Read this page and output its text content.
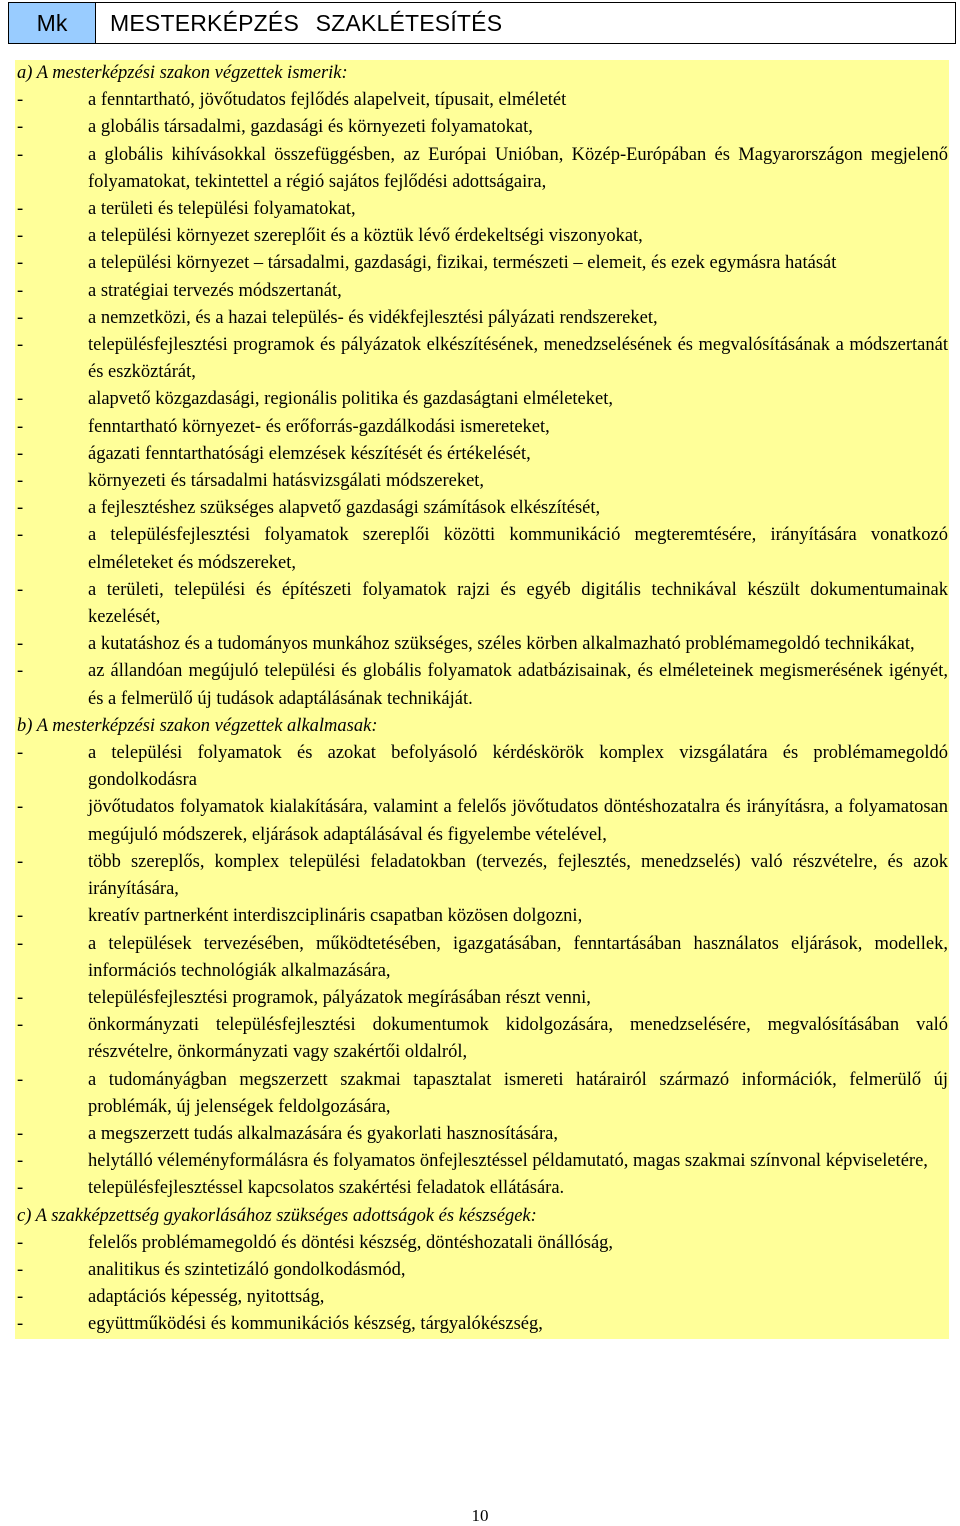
Mk	MESTERKÉPZÉS SZAKLÉTESÍTÉS

a) A mesterképzési szakon végzettek ismerik:

-	a fenntartható, jövőtudatos fejlődés alapelveit, típusait, elméletét
-	a globális társadalmi, gazdasági és környezeti folyamatokat,
-	a globális kihívásokkal összefüggésben, az Európai Unióban, Közép-Európában és Magyarországon megjelenő folyamatokat, tekintettel a régió sajátos fejlődési adottságaira,
-	a területi és települési folyamatokat,
-	a települési környezet szereplőit és a köztük lévő érdekeltségi viszonyokat,
-	a települési környezet – társadalmi, gazdasági, fizikai, természeti – elemeit, és ezek egymásra hatását
-	a stratégiai tervezés módszertanát,
-	a nemzetközi, és a hazai település- és vidékfejlesztési pályázati rendszereket,
-	településfejlesztési programok és pályázatok elkészítésének, menedzselésének és megvalósításának a módszertanát és eszköztárát,
-	alapvető közgazdasági, regionális politika és gazdaságtani elméleteket,
-	fenntartható környezet- és erőforrás-gazdálkodási ismereteket,
-	ágazati fenntarthatósági elemzések készítését és értékelését,
-	környezeti és társadalmi hatásvizsgálati módszereket,
-	a fejlesztéshez szükséges alapvető gazdasági számítások elkészítését,
-	a településfejlesztési folyamatok szereplői közötti kommunikáció megteremtésére, irányítására vonatkozó elméleteket és módszereket,
-	a területi, települési és építészeti folyamatok rajzi és egyéb digitális technikával készült dokumentumainak kezelését,
-	a kutatáshoz és a tudományos munkához szükséges, széles körben alkalmazható problémamegoldó technikákat,
-	az állandóan megújuló települési és globális folyamatok adatbázisainak, és elméleteinek megismerésének igényét, és a felmerülő új tudások adaptálásának technikáját.

b) A mesterképzési szakon végzettek alkalmasak:

-	a települési folyamatok és azokat befolyásoló kérdéskörök komplex vizsgálatára és problémamegoldó gondolkodásra
-	jövőtudatos folyamatok kialakítására, valamint a felelős jövőtudatos döntéshozatalra és irányításra, a folyamatosan megújuló módszerek, eljárások adaptálásával és figyelembe vételével,
-	több szereplős, komplex települési feladatokban (tervezés, fejlesztés, menedzselés) való részvételre, és azok irányítására,
-	kreatív partnerként interdiszciplináris csapatban közösen dolgozni,
-	a települések tervezésében, működtetésében, igazgatásában, fenntartásában használatos eljárások, modellek, információs technológiák alkalmazására,
-	településfejlesztési programok, pályázatok megírásában részt venni,
-	önkormányzati településfejlesztési dokumentumok kidolgozására, menedzselésére, megvalósításában való részvételre, önkormányzati vagy szakértői oldalról,
-	a tudományágban megszerzett szakmai tapasztalat ismereti határairól származó információk, felmerülő új problémák, új jelenségek feldolgozására,
-	a megszerzett tudás alkalmazására és gyakorlati hasznosítására,
-	helytálló véleményformálásra és folyamatos önfejlesztéssel példamutató, magas szakmai színvonal képviseletére,
-	településfejlesztéssel kapcsolatos szakértési feladatok ellátására.

c) A szakképzettség gyakorlásához szükséges adottságok és készségek:

-	felelős problémamegoldó és döntési készség, döntéshozatali önállóság,
-	analitikus és szintetizáló gondolkodásmód,
-	adaptációs képesség, nyitottság,
-	együttműködési és kommunikációs készség, tárgyalókészség,
10
